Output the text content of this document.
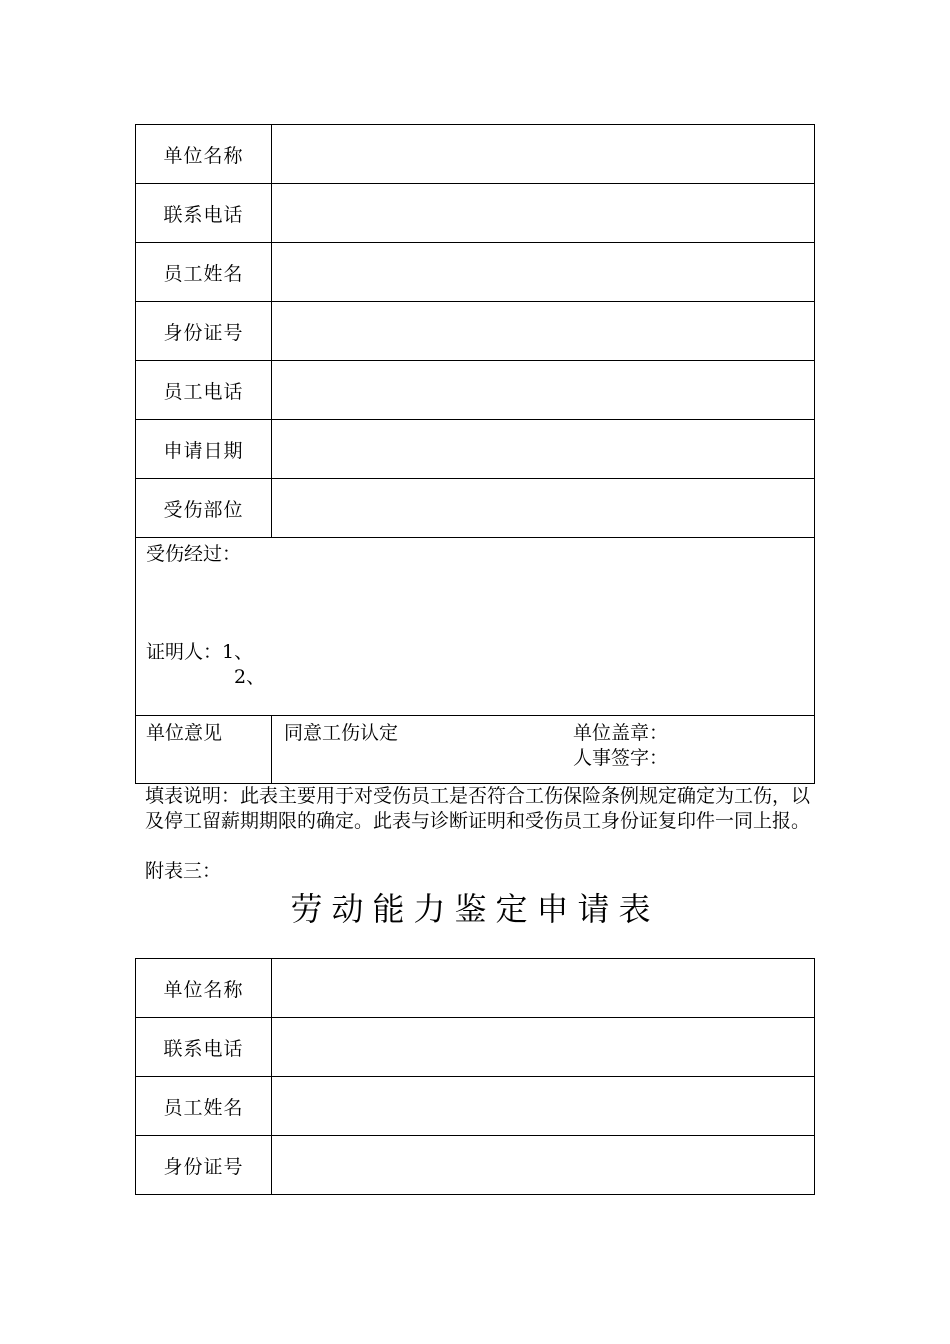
单位名称	
联系电话	
员工姓名	
身份证号	
员工电话	
申请日期	
受伤部位	
受伤经过：
证明人：1、
2、
单位意见	同意工伤认定	单位盖章：
人事签字：
填表说明：此表主要用于对受伤员工是否符合工伤保险条例规定确定为工伤，以及停工留薪期期限的确定。此表与诊断证明和受伤员工身份证复印件一同上报。
附表三：
劳动能力鉴定申请表
单位名称	
联系电话	
员工姓名	
身份证号	
